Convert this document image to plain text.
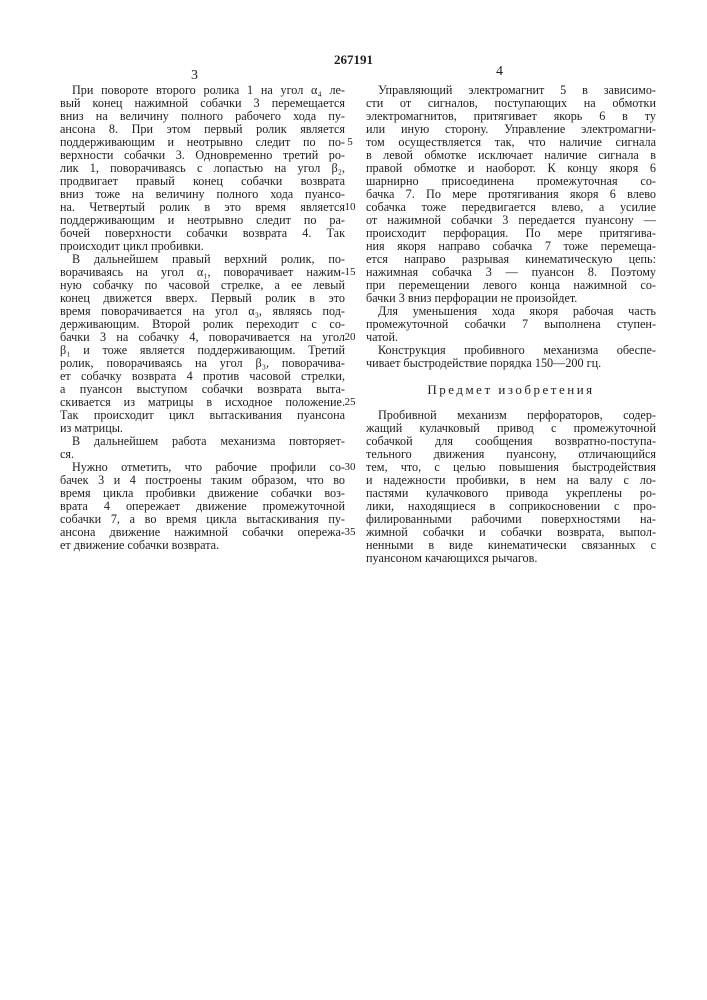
267191
3	4
При повороте второго ролика 1 на угол α₄ ле-
вый конец нажимной собачки 3 перемещается
вниз на величину полного рабочего хода пу-
ансона 8. При этом первый ролик является
поддерживающим и неотрывно следит по по-
верхности собачки 3. Одновременно третий ро-
лик 1, поворачиваясь с лопастью на угол β₂,
продвигает правый конец собачки возврата
вниз тоже на величину полного хода пуансо-
на. Четвертый ролик в это время является
поддерживающим и неотрывно следит по ра-
бочей поверхности собачки возврата 4. Так
происходит цикл пробивки.
В дальнейшем правый верхний ролик, по-
ворачиваясь на угол α₁, поворачивает нажим-
ную собачку по часовой стрелке, а ее левый
конец движется вверх. Первый ролик в это
время поворачивается на угол α₃, являясь под-
держивающим. Второй ролик переходит с со-
бачки 3 на собачку 4, поворачивается на угол
β₁ и тоже является поддерживающим. Третий
ролик, поворачиваясь на угол β₃, поворачива-
ет собачку возврата 4 против часовой стрелки,
а пуансон выступом собачки возврата выта-
скивается из матрицы в исходное положение.
Так происходит цикл вытаскивания пуансона
из матрицы.
В дальнейшем работа механизма повторяет-
ся.
Нужно отметить, что рабочие профили со-
бачек 3 и 4 построены таким образом, что во
время цикла пробивки движение собачки воз-
врата 4 опережает движение промежуточной
собачки 7, а во время цикла вытаскивания пу-
ансона движение нажимной собачки опережа-
ет движение собачки возврата.
Управляющий электромагнит 5 в зависимо-
сти от сигналов, поступающих на обмотки
электромагнитов, притягивает якорь 6 в ту
или иную сторону. Управление электромагни-
том осуществляется так, что наличие сигнала
в левой обмотке исключает наличие сигнала в
правой обмотке и наоборот. К концу якоря 6
шарнирно присоединена промежуточная со-
бачка 7. По мере протягивания якоря 6 влево
собачка тоже передвигается влево, а усилие
от нажимной собачки 3 передается пуансону —
происходит перфорация. По мере притягива-
ния якоря направо собачка 7 тоже перемеща-
ется направо разрывая кинематическую цепь:
нажимная собачка 3 — пуансон 8. Поэтому
при перемещении левого конца нажимной со-
бачки 3 вниз перфорации не произойдет.
Для уменьшения хода якоря рабочая часть
промежуточной собачки 7 выполнена ступен-
чатой.
Конструкция пробивного механизма обеспе-
чивает быстродействие порядка 150—200 гц.
Предмет изобретения
Пробивной механизм перфораторов, содер-
жащий кулачковый привод с промежуточной
собачкой для сообщения возвратно-поступа-
тельного движения пуансону, отличающийся
тем, что, с целью повышения быстродействия
и надежности пробивки, в нем на валу с ло-
пастями кулачкового привода укреплены ро-
лики, находящиеся в соприкосновении с про-
филированными рабочими поверхностями на-
жимной собачки и собачки возврата, выпол-
ненными в виде кинематически связанных с
пуансоном качающихся рычагов.
5
10
15
20
25
30
35
